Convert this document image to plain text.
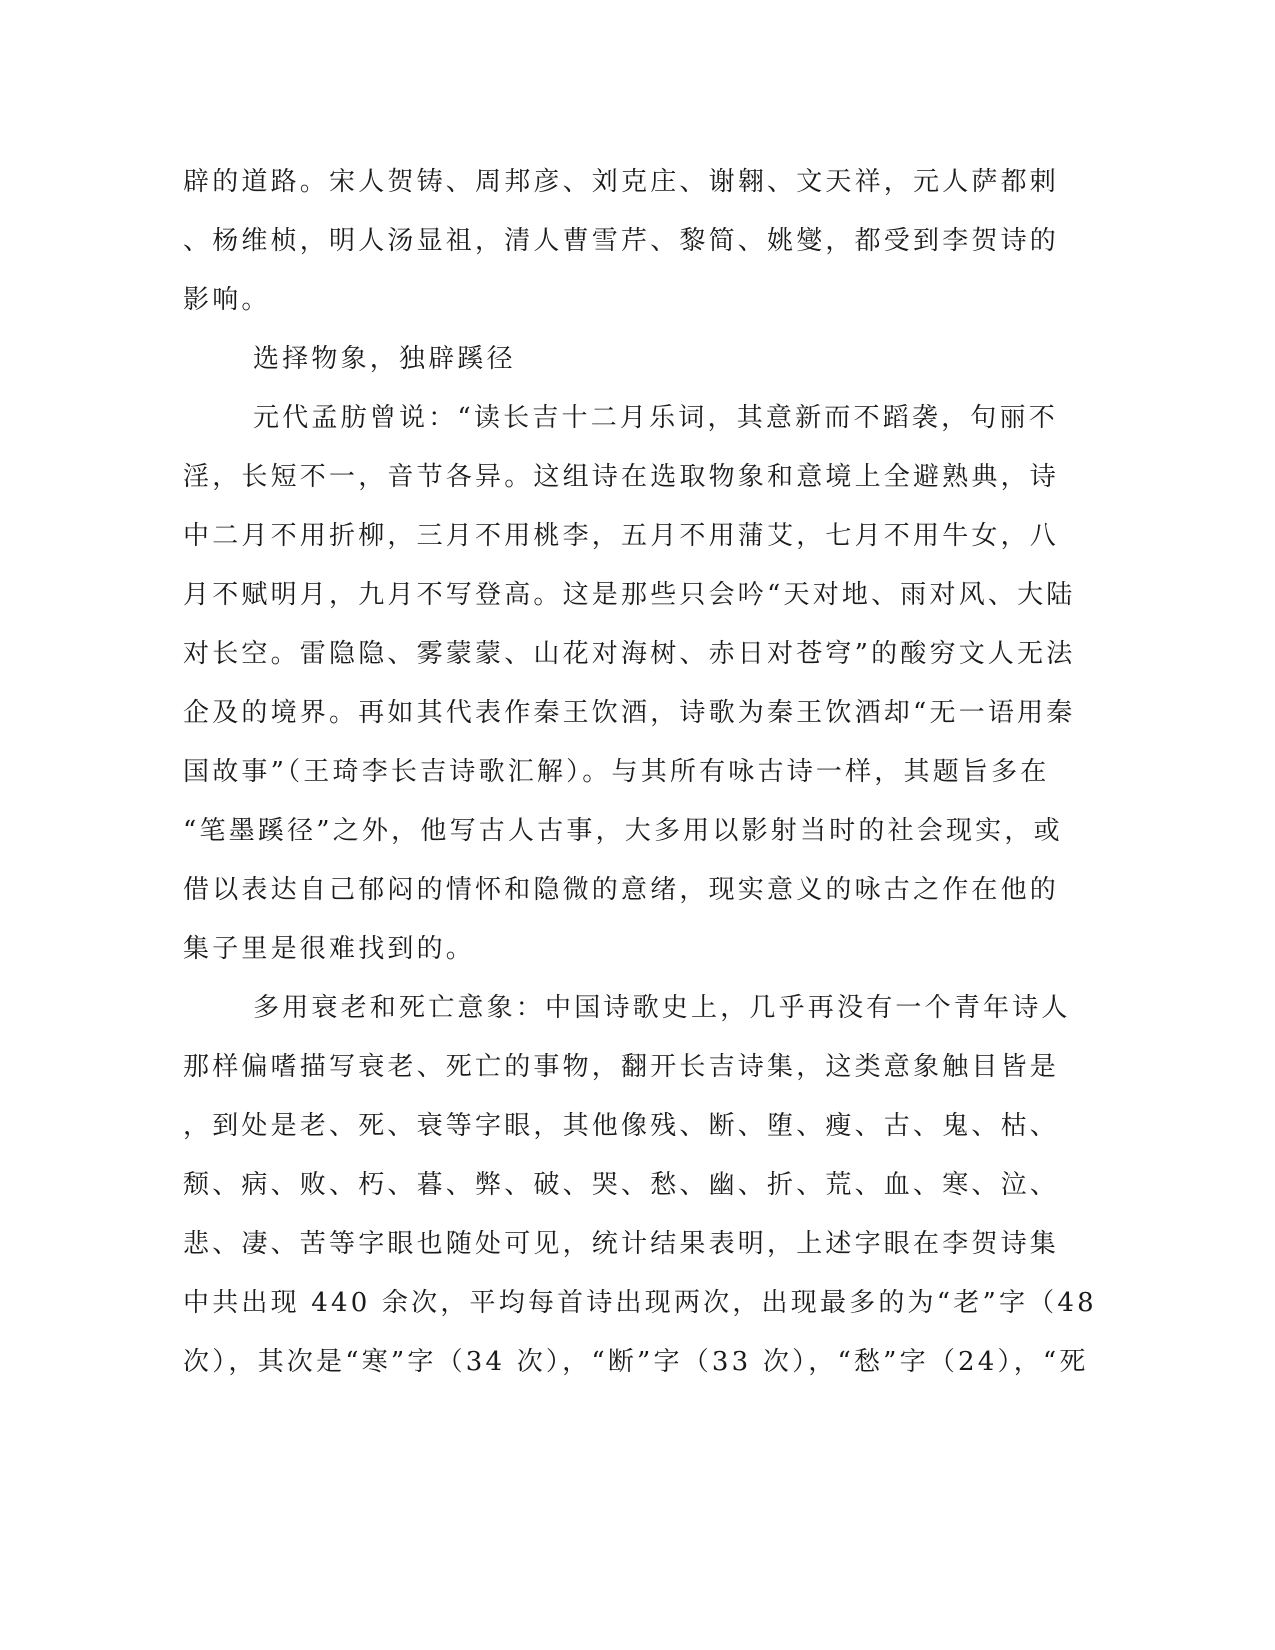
辟的道路。宋人贺铸、周邦彦、刘克庄、谢翱、文天祥，元人萨都剌
、杨维桢，明人汤显祖，清人曹雪芹、黎简、姚燮，都受到李贺诗的
影响。
选择物象，独辟蹊径
元代孟肪曾说：“读长吉十二月乐词，其意新而不蹈袭，句丽不
淫，长短不一，音节各异。这组诗在选取物象和意境上全避熟典，诗
中二月不用折柳，三月不用桃李，五月不用蒲艾，七月不用牛女，八
月不赋明月，九月不写登高。这是那些只会吟“天对地、雨对风、大陆
对长空。雷隐隐、雾蒙蒙、山花对海树、赤日对苍穹”的酸穷文人无法
企及的境界。再如其代表作秦王饮酒，诗歌为秦王饮酒却“无一语用秦
国故事”（王琦李长吉诗歌汇解）。与其所有咏古诗一样，其题旨多在
“笔墨蹊径”之外，他写古人古事，大多用以影射当时的社会现实，或
借以表达自己郁闷的情怀和隐微的意绪，现实意义的咏古之作在他的
集子里是很难找到的。
多用衰老和死亡意象：中国诗歌史上，几乎再没有一个青年诗人
那样偏嗜描写衰老、死亡的事物，翻开长吉诗集，这类意象触目皆是
，到处是老、死、衰等字眼，其他像残、断、堕、瘦、古、鬼、枯、
颓、病、败、朽、暮、弊、破、哭、愁、幽、折、荒、血、寒、泣、
悲、凄、苦等字眼也随处可见，统计结果表明，上述字眼在李贺诗集
中共出现 440 余次，平均每首诗出现两次，出现最多的为“老”字（48
次），其次是“寒”字（34 次），“断”字（33 次），“愁”字（24），“死
